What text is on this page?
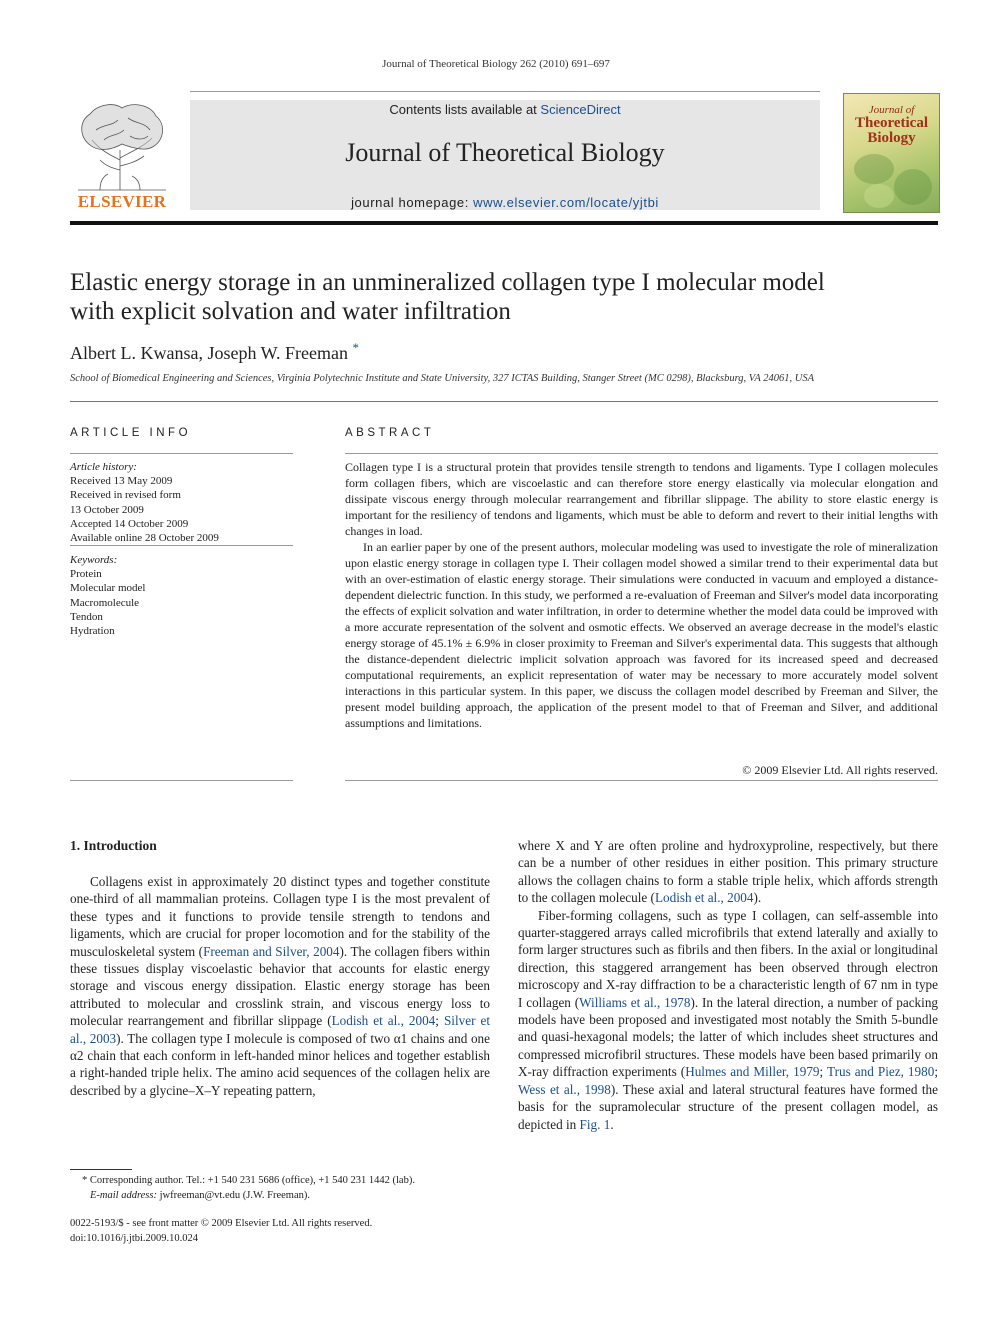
Journal of Theoretical Biology 262 (2010) 691–697
ELSEVIER
Contents lists available at ScienceDirect
Journal of Theoretical Biology
journal homepage: www.elsevier.com/locate/yjtbi
Journal of
Theoretical
Biology
Elastic energy storage in an unmineralized collagen type I molecular model
with explicit solvation and water infiltration
Albert L. Kwansa, Joseph W. Freeman *
School of Biomedical Engineering and Sciences, Virginia Polytechnic Institute and State University, 327 ICTAS Building, Stanger Street (MC 0298), Blacksburg, VA 24061, USA
ARTICLE INFO
Article history:
Received 13 May 2009
Received in revised form
13 October 2009
Accepted 14 October 2009
Available online 28 October 2009
Keywords:
Protein
Molecular model
Macromolecule
Tendon
Hydration
ABSTRACT

Collagen type I is a structural protein that provides tensile strength to tendons and ligaments. Type I collagen molecules form collagen fibers, which are viscoelastic and can therefore store energy elastically via molecular elongation and dissipate viscous energy through molecular rearrangement and fibrillar slippage. The ability to store elastic energy is important for the resiliency of tendons and ligaments, which must be able to deform and revert to their initial lengths with changes in load.

In an earlier paper by one of the present authors, molecular modeling was used to investigate the role of mineralization upon elastic energy storage in collagen type I. Their collagen model showed a similar trend to their experimental data but with an over-estimation of elastic energy storage. Their simulations were conducted in vacuum and employed a distance-dependent dielectric function. In this study, we performed a re-evaluation of Freeman and Silver's model data incorporating the effects of explicit solvation and water infiltration, in order to determine whether the model data could be improved with a more accurate representation of the solvent and osmotic effects. We observed an average decrease in the model's elastic energy storage of 45.1% ± 6.9% in closer proximity to Freeman and Silver's experimental data. This suggests that although the distance-dependent dielectric implicit solvation approach was favored for its increased speed and decreased computational requirements, an explicit representation of water may be necessary to more accurately model solvent interactions in this particular system. In this paper, we discuss the collagen model described by Freeman and Silver, the present model building approach, the application of the present model to that of Freeman and Silver, and additional assumptions and limitations.

© 2009 Elsevier Ltd. All rights reserved.
1. Introduction

Collagens exist in approximately 20 distinct types and together constitute one-third of all mammalian proteins. Collagen type I is the most prevalent of these types and it functions to provide tensile strength to tendons and ligaments, which are crucial for proper locomotion and for the stability of the musculoskeletal system (Freeman and Silver, 2004). The collagen fibers within these tissues display viscoelastic behavior that accounts for elastic energy storage and viscous energy dissipation. Elastic energy storage has been attributed to molecular and crosslink strain, and viscous energy loss to molecular rearrangement and fibrillar slippage (Lodish et al., 2004; Silver et al., 2003). The collagen type I molecule is composed of two α1 chains and one α2 chain that each conform in left-handed minor helices and together establish a right-handed triple helix. The amino acid sequences of the collagen helix are described by a glycine–X–Y repeating pattern,

where X and Y are often proline and hydroxyproline, respectively, but there can be a number of other residues in either position. This primary structure allows the collagen chains to form a stable triple helix, which affords strength to the collagen molecule (Lodish et al., 2004).

Fiber-forming collagens, such as type I collagen, can self-assemble into quarter-staggered arrays called microfibrils that extend laterally and axially to form larger structures such as fibrils and then fibers. In the axial or longitudinal direction, this staggered arrangement has been observed through electron microscopy and X-ray diffraction to be a characteristic length of 67 nm in type I collagen (Williams et al., 1978). In the lateral direction, a number of packing models have been proposed and investigated most notably the Smith 5-bundle and quasi-hexagonal models; the latter of which includes sheet structures and compressed microfibril structures. These models have been based primarily on X-ray diffraction experiments (Hulmes and Miller, 1979; Trus and Piez, 1980; Wess et al., 1998). These axial and lateral structural features have formed the basis for the supramolecular structure of the present collagen model, as depicted in Fig. 1.

* Corresponding author. Tel.: +1 540 231 5686 (office), +1 540 231 1442 (lab).
E-mail address: jwfreeman@vt.edu (J.W. Freeman).
0022-5193/$ - see front matter © 2009 Elsevier Ltd. All rights reserved.
doi:10.1016/j.jtbi.2009.10.024
